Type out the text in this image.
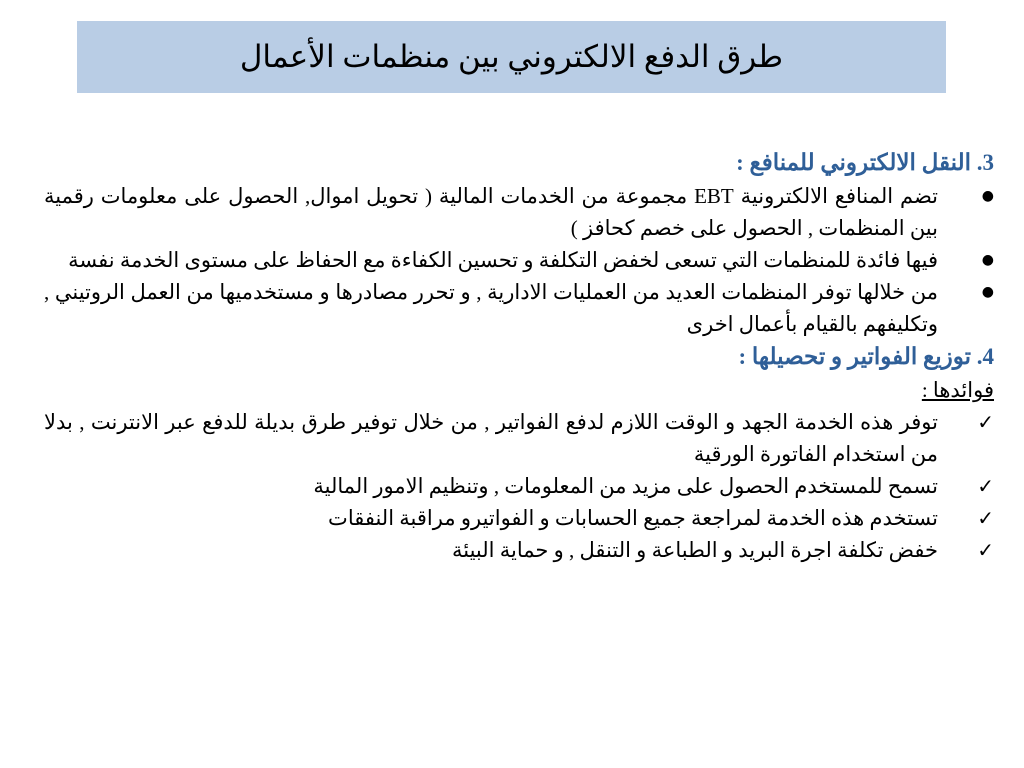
طرق الدفع الالكتروني بين منظمات الأعمال
3. النقل الالكتروني للمنافع :
●
تضم المنافع الالكترونية EBT مجموعة من الخدمات المالية ( تحويل اموال, الحصول على معلومات رقمية بين المنظمات , الحصول على خصم كحافز )
●
فيها فائدة للمنظمات التي تسعى لخفض التكلفة و تحسين الكفاءة مع الحفاظ على مستوى الخدمة نفسة
●
من خلالها توفر المنظمات العديد من العمليات الادارية , و تحرر مصادرها و مستخدميها من العمل الروتيني , وتكليفهم بالقيام بأعمال اخرى
4. توزيع الفواتير و تحصيلها :
فوائدها :
✓
توفر هذه الخدمة الجهد و الوقت اللازم لدفع الفواتير , من خلال توفير طرق بديلة للدفع عبر الانترنت , بدلا من استخدام الفاتورة الورقية
✓
تسمح للمستخدم الحصول على مزيد من المعلومات , وتنظيم الامور المالية
✓
تستخدم هذه الخدمة لمراجعة جميع الحسابات و الفواتيرو مراقبة النفقات
✓
خفض تكلفة اجرة البريد و الطباعة و التنقل , و حماية البيئة
